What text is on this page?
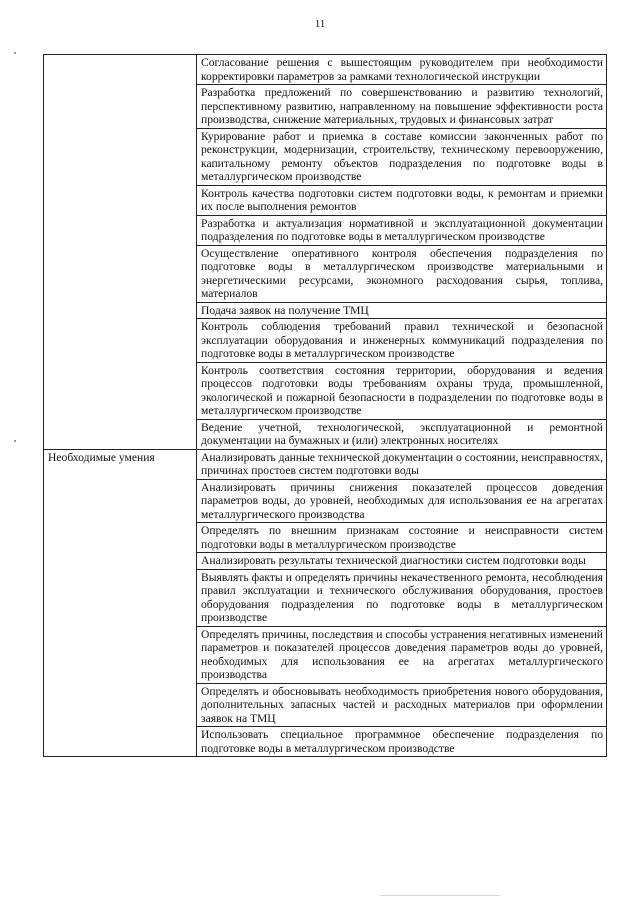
11
	Согласование решения с вышестоящим руководителем при необходимости корректировки параметров за рамками технологической инструкции
	Разработка предложений по совершенствованию и развитию технологий, перспективному развитию, направленному на повышение эффективности роста производства, снижение материальных, трудовых и финансовых затрат
	Курирование работ и приемка в составе комиссии законченных работ по реконструкции, модернизации, строительству, техническому перевооружению, капитальному ремонту объектов подразделения по подготовке воды в металлургическом производстве
	Контроль качества подготовки систем подготовки воды, к ремонтам и приемки их после выполнения ремонтов
	Разработка и актуализация нормативной и эксплуатационной документации подразделения по подготовке воды в металлургическом производстве
	Осуществление оперативного контроля обеспечения подразделения по подготовке воды в металлургическом производстве материальными и энергетическими ресурсами, экономного расходования сырья, топлива, материалов
	Подача заявок на получение ТМЦ
	Контроль соблюдения требований правил технической и безопасной эксплуатации оборудования и инженерных коммуникаций подразделения по подготовке воды в металлургическом производстве
	Контроль соответствия состояния территории, оборудования и ведения процессов подготовки воды требованиям охраны труда, промышленной, экологической и пожарной безопасности в подразделении по подготовке воды в металлургическом производстве
	Ведение учетной, технологической, эксплуатационной и ремонтной документации на бумажных и (или) электронных носителях
Необходимые умения	Анализировать данные технической документации о состоянии, неисправностях, причинах простоев систем подготовки воды
	Анализировать причины снижения показателей процессов доведения параметров воды, до уровней, необходимых для использования ее на агрегатах металлургического производства
	Определять по внешним признакам состояние и неисправности систем подготовки воды в металлургическом производстве
	Анализировать результаты технической диагностики систем подготовки воды
	Выявлять факты и определять причины некачественного ремонта, несоблюдения правил эксплуатации и технического обслуживания оборудования, простоев оборудования подразделения по подготовке воды в металлургическом производстве
	Определять причины, последствия и способы устранения негативных изменений параметров и показателей процессов доведения параметров воды до уровней, необходимых для использования ее на агрегатах металлургического производства
	Определять и обосновывать необходимость приобретения нового оборудования, дополнительных запасных частей и расходных материалов при оформлении заявок на ТМЦ
	Использовать специальное программное обеспечение подразделения по подготовке воды в металлургическом производстве
